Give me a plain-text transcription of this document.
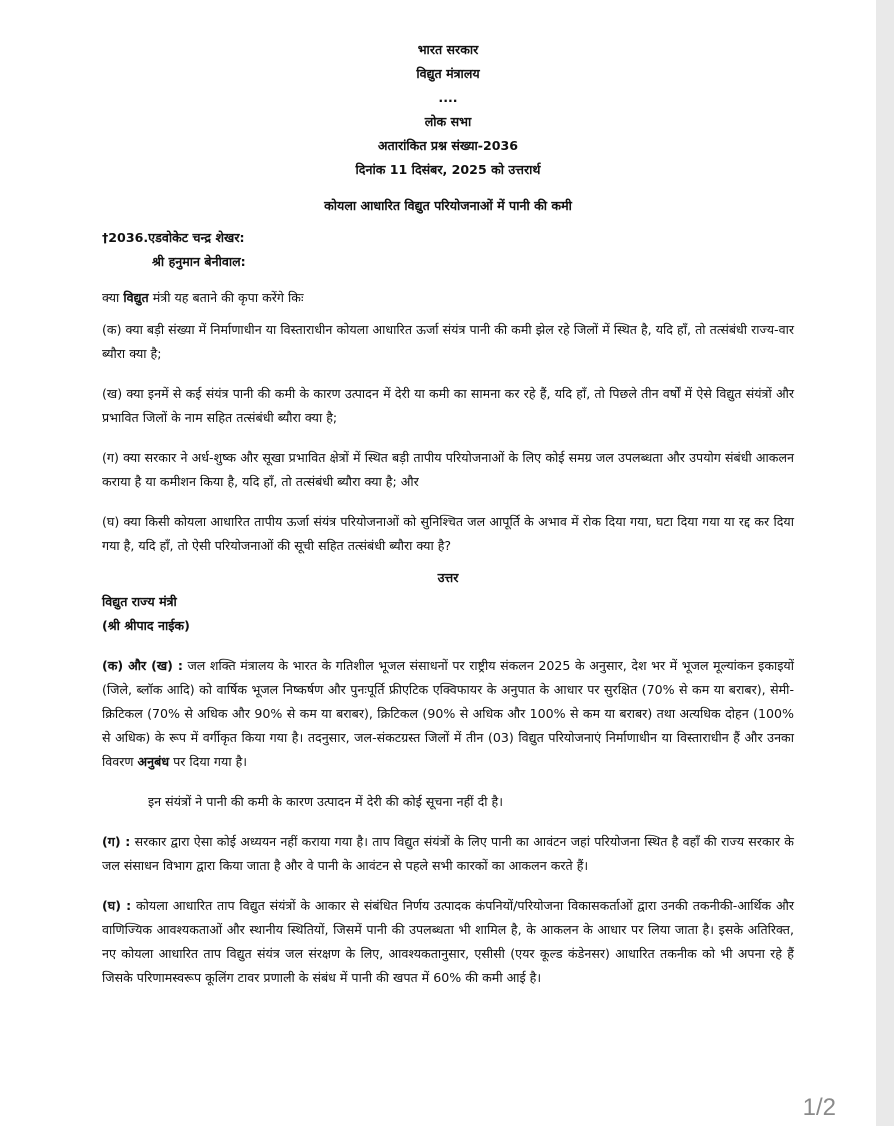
भारत सरकार
विद्युत मंत्रालय
....
लोक सभा
अतारांकित प्रश्न संख्या-2036
दिनांक 11 दिसंबर, 2025 को उत्तरार्थ
कोयला आधारित विद्युत परियोजनाओं में पानी की कमी
†2036.एडवोकेट चन्द्र शेखर:
श्री हनुमान बेनीवाल:

क्या विद्युत मंत्री यह बताने की कृपा करेंगे किः

(क) क्या बड़ी संख्या में निर्माणाधीन या विस्ताराधीन कोयला आधारित ऊर्जा संयंत्र पानी की कमी झेल रहे जिलों में स्थित है, यदि हाँ, तो तत्संबंधी राज्य-वार ब्यौरा क्या है;

(ख) क्या इनमें से कई संयंत्र पानी की कमी के कारण उत्पादन में देरी या कमी का सामना कर रहे हैं, यदि हाँ, तो पिछले तीन वर्षों में ऐसे विद्युत संयंत्रों और प्रभावित जिलों के नाम सहित तत्संबंधी ब्यौरा क्या है;

(ग) क्या सरकार ने अर्ध-शुष्क और सूखा प्रभावित क्षेत्रों में स्थित बड़ी तापीय परियोजनाओं के लिए कोई समग्र जल उपलब्धता और उपयोग संबंधी आकलन कराया है या कमीशन किया है, यदि हाँ, तो तत्संबंधी ब्यौरा क्या है; और

(घ) क्या किसी कोयला आधारित तापीय ऊर्जा संयंत्र परियोजनाओं को सुनिश्चित जल आपूर्ति के अभाव में रोक दिया गया, घटा दिया गया या रद्द कर दिया गया है, यदि हाँ, तो ऐसी परियोजनाओं की सूची सहित तत्संबंधी ब्यौरा क्या है?

उत्तर
विद्युत राज्य मंत्री
(श्री श्रीपाद नाईक)

(क) और (ख) : जल शक्ति मंत्रालय के भारत के गतिशील भूजल संसाधनों पर राष्ट्रीय संकलन 2025 के अनुसार, देश भर में भूजल मूल्यांकन इकाइयों (जिले, ब्लॉक आदि) को वार्षिक भूजल निष्कर्षण और पुनःपूर्ति फ्रीएटिक एक्विफायर के अनुपात के आधार पर सुरक्षित (70% से कम या बराबर), सेमी-क्रिटिकल (70% से अधिक और 90% से कम या बराबर), क्रिटिकल (90% से अधिक और 100% से कम या बराबर) तथा अत्यधिक दोहन (100% से अधिक) के रूप में वर्गीकृत किया गया है। तदनुसार, जल-संकटग्रस्त जिलों में तीन (03) विद्युत परियोजनाएं निर्माणाधीन या विस्ताराधीन हैं और उनका विवरण अनुबंध पर दिया गया है।

इन संयंत्रों ने पानी की कमी के कारण उत्पादन में देरी की कोई सूचना नहीं दी है।

(ग) : सरकार द्वारा ऐसा कोई अध्ययन नहीं कराया गया है। ताप विद्युत संयंत्रों के लिए पानी का आवंटन जहां परियोजना स्थित है वहाँ की राज्य सरकार के जल संसाधन विभाग द्वारा किया जाता है और वे पानी के आवंटन से पहले सभी कारकों का आकलन करते हैं।

(घ) : कोयला आधारित ताप विद्युत संयंत्रों के आकार से संबंधित निर्णय उत्पादक कंपनियों/परियोजना विकासकर्ताओं द्वारा उनकी तकनीकी-आर्थिक और वाणिज्यिक आवश्यकताओं और स्थानीय स्थितियों, जिसमें पानी की उपलब्धता भी शामिल है, के आकलन के आधार पर लिया जाता है। इसके अतिरिक्त, नए कोयला आधारित ताप विद्युत संयंत्र जल संरक्षण के लिए, आवश्यकतानुसार, एसीसी (एयर कूल्ड कंडेनसर) आधारित तकनीक को भी अपना रहे हैं जिसके परिणामस्वरूप कूलिंग टावर प्रणाली के संबंध में पानी की खपत में 60% की कमी आई है।

1/2
